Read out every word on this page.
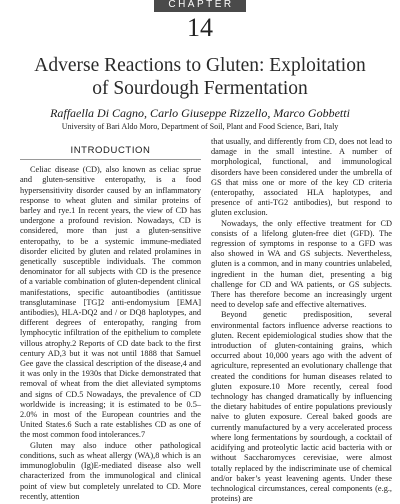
CHAPTER
14
Adverse Reactions to Gluten: Exploitation
of Sourdough Fermentation
Raffaella Di Cagno, Carlo Giuseppe Rizzello, Marco Gobbetti
University of Bari Aldo Moro, Department of Soil, Plant and Food Science, Bari, Italy
INTRODUCTION

Celiac disease (CD), also known as celiac sprue and gluten-sensitive enteropathy, is a food hypersensitivity disorder caused by an inflammatory response to wheat gluten and similar proteins of barley and rye.1 In recent years, the view of CD has undergone a profound revision. Nowadays, CD is considered, more than just a gluten-sensitive enteropathy, to be a systemic immune-mediated disorder elicited by gluten and related prolamines in genetically susceptible individuals. The common denominator for all subjects with CD is the presence of a variable combination of gluten-dependent clinical manifestations, specific autoantibodies (antitissue transglutaminase [TG]2 anti-endomysium [EMA] antibodies), HLA-DQ2 and / or DQ8 haplotypes, and different degrees of enteropathy, ranging from lymphocytic infiltration of the epithelium to complete villous atrophy.2 Reports of CD date back to the first century AD,3 but it was not until 1888 that Samuel Gee gave the classical description of the disease,4 and it was only in the 1930s that Dicke demonstrated that removal of wheat from the diet alleviated symptoms and signs of CD.5 Nowadays, the prevalence of CD worldwide is increasing; it is estimated to be 0.5–2.0% in most of the European countries and the United States.6 Such a rate establishes CD as one of the most common food intolerances.7

Gluten may also induce other pathological conditions, such as wheat allergy (WA),8 which is an immunoglobulin (Ig)E-mediated disease also well characterized from the immunological and clinical point of view but completely unrelated to CD. More recently, attention

that usually, and differently from CD, does not lead to damage in the small intestine. A number of morphological, functional, and immunological disorders have been considered under the umbrella of GS that miss one or more of the key CD criteria (enteropathy, associated HLA haplotypes, and presence of anti-TG2 antibodies), but respond to gluten exclusion.

Nowadays, the only effective treatment for CD consists of a lifelong gluten-free diet (GFD). The regression of symptoms in response to a GFD was also showed in WA and GS subjects. Nevertheless, gluten is a common, and in many countries unlabeled, ingredient in the human diet, presenting a big challenge for CD and WA patients, or GS subjects. There has therefore become an increasingly urgent need to develop safe and effective alternatives.

Beyond genetic predisposition, several environmental factors influence adverse reactions to gluten. Recent epidemiological studies show that the introduction of gluten-containing grains, which occurred about 10,000 years ago with the advent of agriculture, represented an evolutionary challenge that created the conditions for human diseases related to gluten exposure.10 More recently, cereal food technology has changed dramatically by influencing the dietary habitudes of entire populations previously naïve to gluten exposure. Cereal baked goods are currently manufactured by a very accelerated process where long fermentations by sourdough, a cocktail of acidifying and proteolytic lactic acid bacteria with or without Saccharomyces cerevisiae, were almost totally replaced by the indiscriminate use of chemical and/or baker’s yeast leavening agents. Under these technological circumstances, cereal components (e.g., proteins) are
